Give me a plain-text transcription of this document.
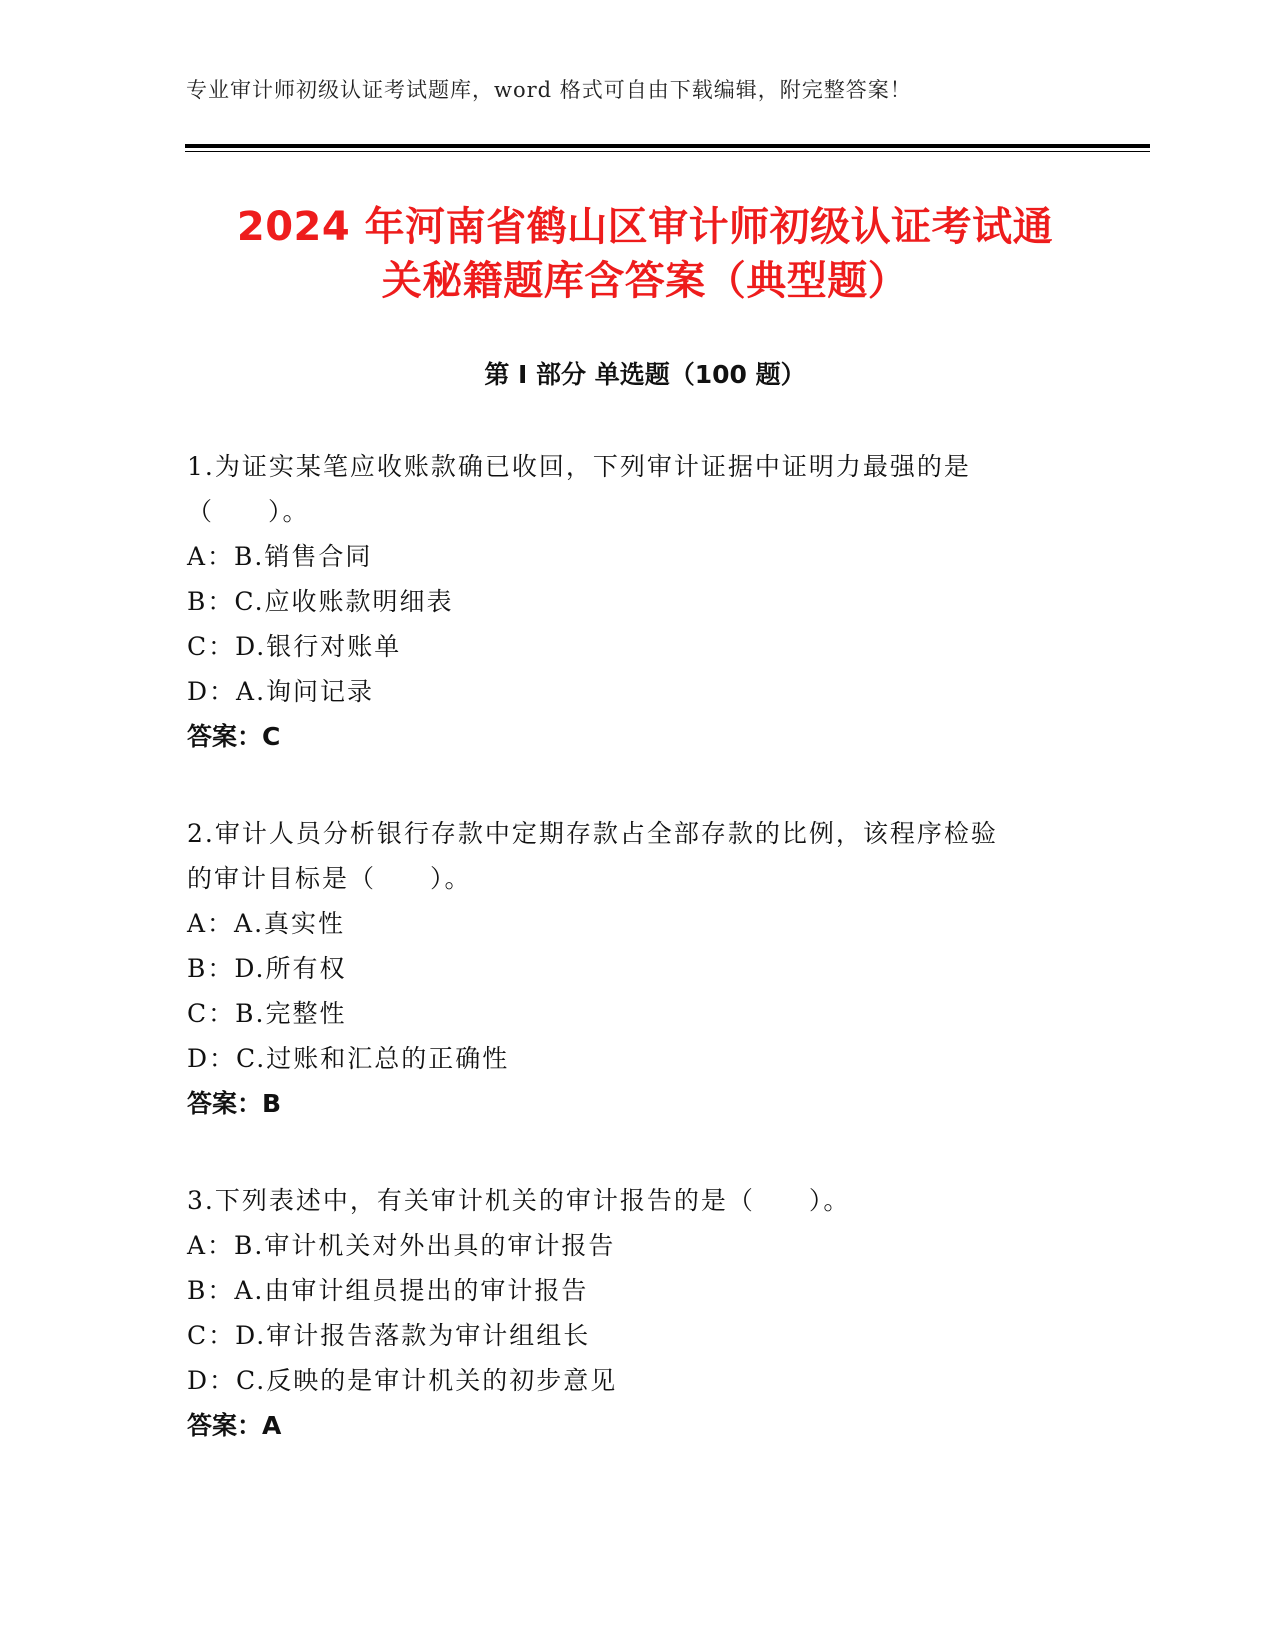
专业审计师初级认证考试题库，word 格式可自由下载编辑，附完整答案！
2024 年河南省鹤山区审计师初级认证考试通
关秘籍题库含答案（典型题）
第 I 部分 单选题（100 题）
1.为证实某笔应收账款确已收回，下列审计证据中证明力最强的是
（　　）。
A：B.销售合同
B：C.应收账款明细表
C：D.银行对账单
D：A.询问记录
答案：C
2.审计人员分析银行存款中定期存款占全部存款的比例，该程序检验
的审计目标是（　　）。
A：A.真实性
B：D.所有权
C：B.完整性
D：C.过账和汇总的正确性
答案：B
3.下列表述中，有关审计机关的审计报告的是（　　）。
A：B.审计机关对外出具的审计报告
B：A.由审计组员提出的审计报告
C：D.审计报告落款为审计组组长
D：C.反映的是审计机关的初步意见
答案：A
